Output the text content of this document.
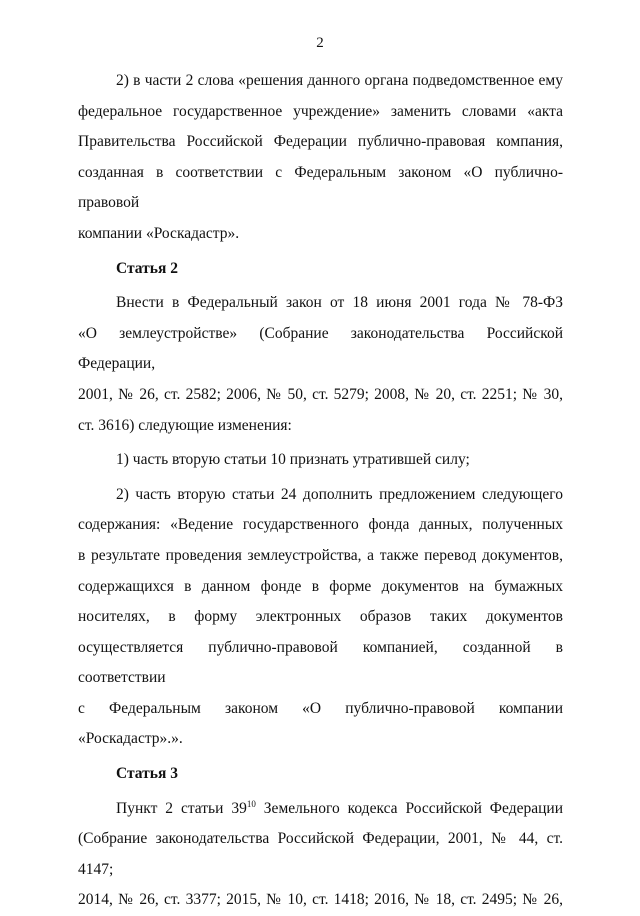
2
2) в части 2 слова «решения данного органа подведомственное ему
федеральное государственное учреждение» заменить словами «акта
Правительства Российской Федерации публично-правовая компания,
созданная в соответствии с Федеральным законом «О публично-правовой
компании «Роскадастр».
Статья 2
Внести в Федеральный закон от 18 июня 2001 года № 78-ФЗ
«О землеустройстве» (Собрание законодательства Российской Федерации,
2001, № 26, ст. 2582; 2006, № 50, ст. 5279; 2008, № 20, ст. 2251; № 30,
ст. 3616) следующие изменения:
1) часть вторую статьи 10 признать утратившей силу;
2) часть вторую статьи 24 дополнить предложением следующего
содержания: «Ведение государственного фонда данных, полученных
в результате проведения землеустройства, а также перевод документов,
содержащихся в данном фонде в форме документов на бумажных
носителях, в форму электронных образов таких документов
осуществляется публично-правовой компанией, созданной в соответствии
с Федеральным законом «О публично-правовой компании «Роскадастр».».
Статья 3
Пункт 2 статьи $39^{10}$ Земельного кодекса Российской Федерации
(Собрание законодательства Российской Федерации, 2001, № 44, ст. 4147;
2014, № 26, ст. 3377; 2015, № 10, ст. 1418; 2016, № 18, ст. 2495; № 26,
